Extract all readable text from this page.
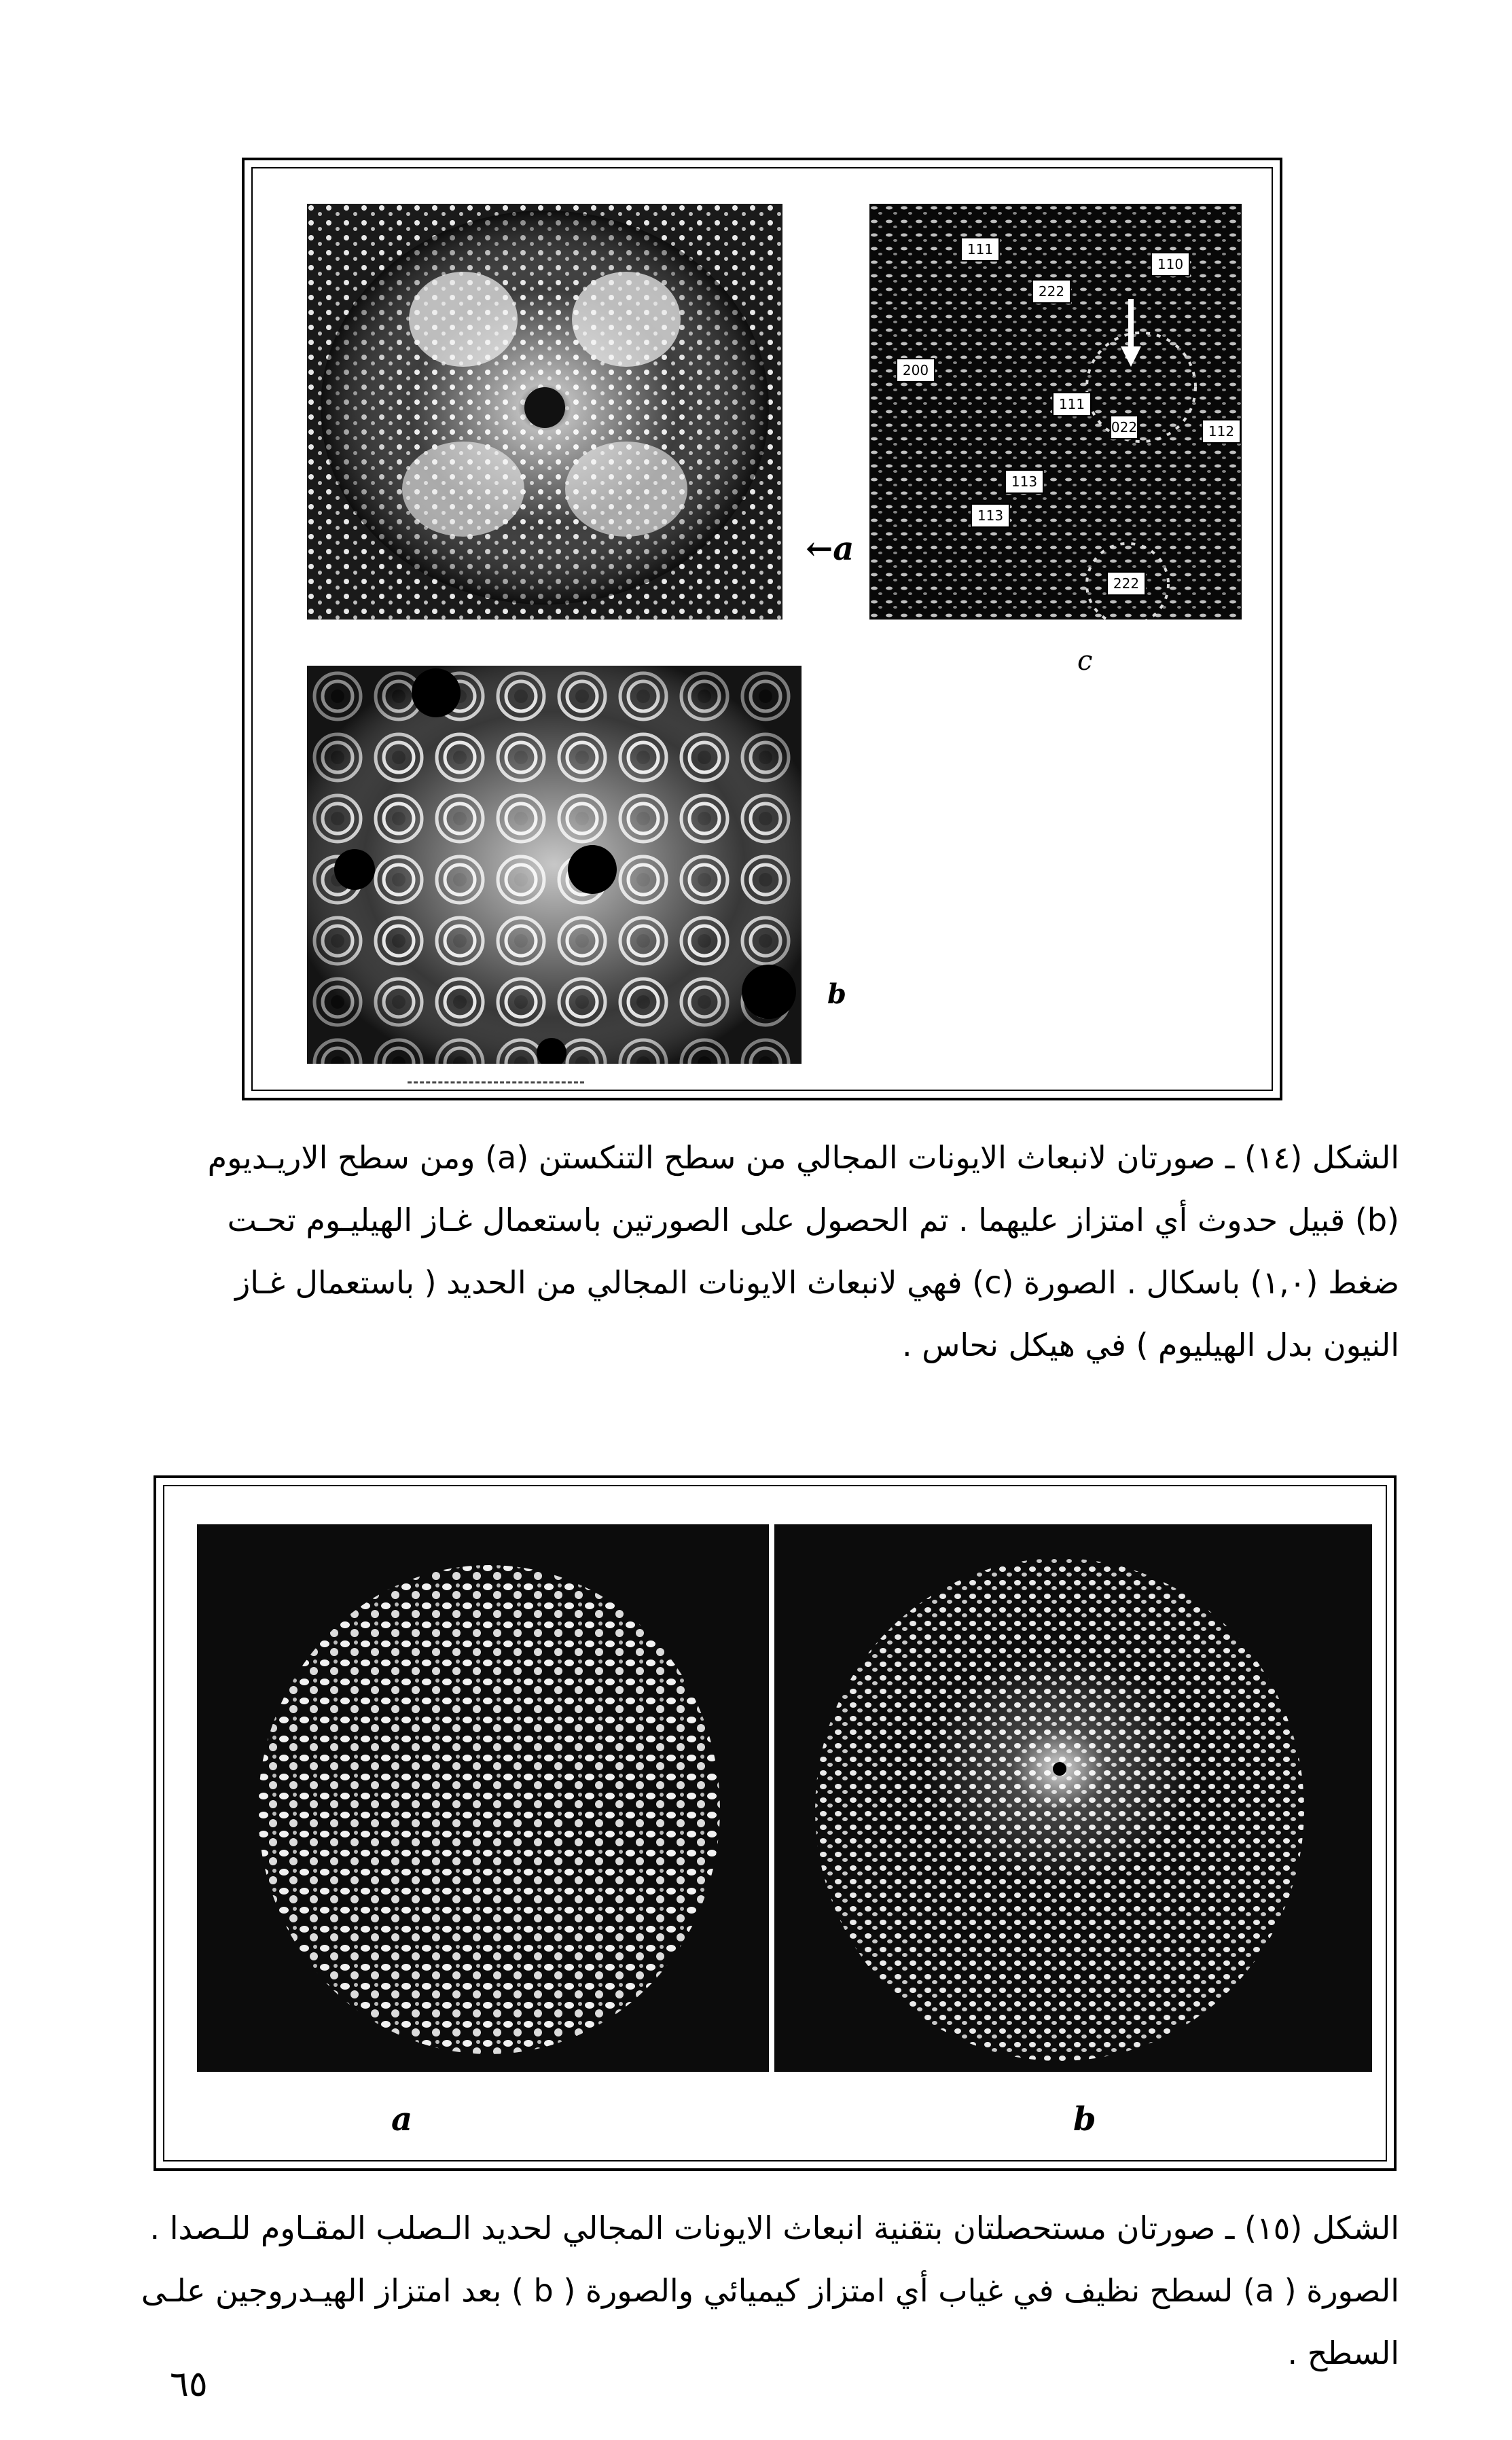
←a
111
222
110
200
111
112
113
113
022
222
c
b

الشكل (١٤) ـ صورتان لانبعاث الايونات المجالي من سطح التنكستن (a) ومن سطح الاريـديوم

(b) قبيل حدوث أي امتزاز عليهما . تم الحصول على الصورتين باستعمال غـاز الهيليـوم تحـت

ضغط (١,٠) باسكال . الصورة (c) فهي لانبعاث الايونات المجالي من الحديد ( باستعمال غـاز

النيون بدل الهيليوم ) في هيكل نحاس .

a	b

الشكل (١٥) ـ صورتان مستحصلتان بتقنية انبعاث الايونات المجالي لحديد الـصلب المقـاوم للـصدا .

الصورة ( a) لسطح نظيف في غياب أي امتزاز كيميائي والصورة ( b ) بعد امتزاز الهيـدروجين علـى

السطح .

٦٥
